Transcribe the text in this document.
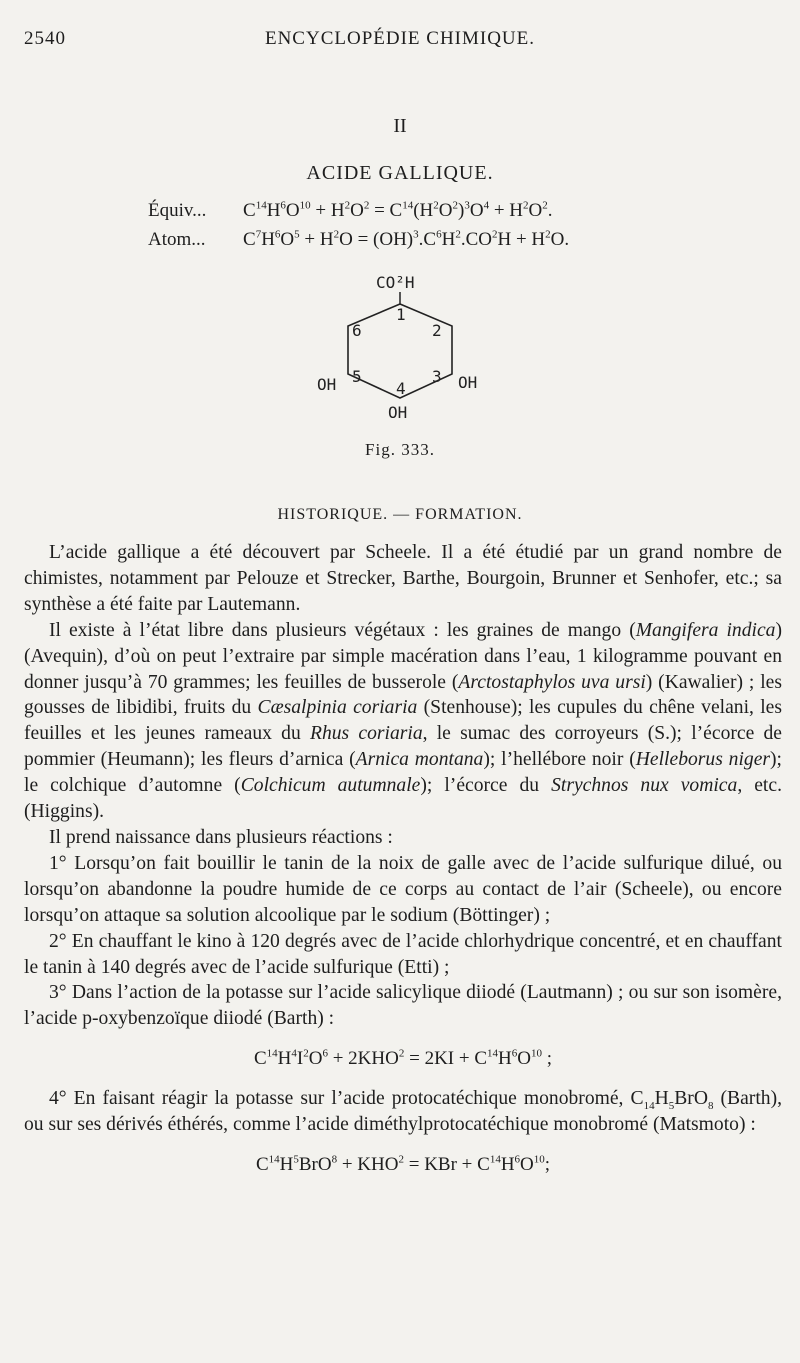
2540	ENCYCLOPÉDIE CHIMIQUE.
II
ACIDE GALLIQUE.
Équiv... $C^{14}H^6O^{10} + H^2O^2 = C^{14}(H^2O^2)^3O^4 + H^2O^2$.
Atom... $C^7H^6O^5 + H^2O = (OH)^3.C^6H^2.CO^2H + H^2O$.
CO²H
1
2
3
4
5
6
OH	OH
OH
Fig. 333.
HISTORIQUE. — FORMATION.

L’acide gallique a été découvert par Scheele. Il a été étudié par un grand nombre de chimistes, notamment par Pelouze et Strecker, Barthe, Bourgoin, Brunner et Senhofer, etc.; sa synthèse a été faite par Lautemann.

Il existe à l’état libre dans plusieurs végétaux : les graines de mango (Mangifera indica) (Avequin), d’où on peut l’extraire par simple macération dans l’eau, 1 kilogramme pouvant en donner jusqu’à 70 grammes; les feuilles de busserole (Arctostaphylos uva ursi) (Kawalier) ; les gousses de libidibi, fruits du Cæsalpinia coriaria (Stenhouse); les cupules du chêne velani, les feuilles et les jeunes rameaux du Rhus coriaria, le sumac des corroyeurs (S.); l’écorce de pommier (Heumann); les fleurs d’arnica (Arnica montana); l’hellébore noir (Helleborus niger); le colchique d’automne (Colchicum autumnale); l’écorce du Strychnos nux vomica, etc. (Higgins).

Il prend naissance dans plusieurs réactions :

1° Lorsqu’on fait bouillir le tanin de la noix de galle avec de l’acide sulfurique dilué, ou lorsqu’on abandonne la poudre humide de ce corps au contact de l’air (Scheele), ou encore lorsqu’on attaque sa solution alcoolique par le sodium (Böttinger) ;

2° En chauffant le kino à 120 degrés avec de l’acide chlorhydrique concentré, et en chauffant le tanin à 140 degrés avec de l’acide sulfurique (Etti) ;

3° Dans l’action de la potasse sur l’acide salicylique diiodé (Lautmann) ; ou sur son isomère, l’acide p-oxybenzoïque diiodé (Barth) :

$C^{14}H^4I^2O^6 + 2KHO^2 = 2KI + C^{14}H^6O^{10}$ ;

4° En faisant réagir la potasse sur l’acide protocatéchique monobromé, $C_{14}H_5BrO_8$ (Barth), ou sur ses dérivés éthérés, comme l’acide diméthylprotocatéchique monobromé (Matsmoto) :

$C^{14}H^5BrO^8 + KHO^2$ = KBr + $C^{14}H^6O^{10}$;
